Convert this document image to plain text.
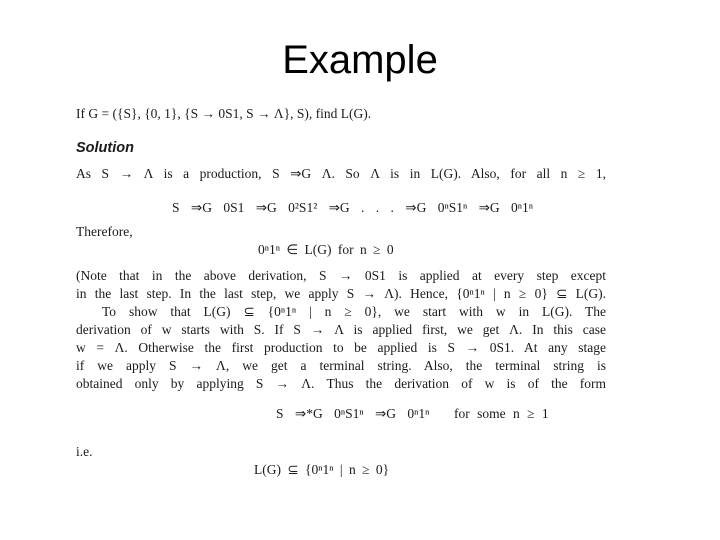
Example
If G = ({S}, {0, 1}, {S → 0S1, S → Λ}, S), find L(G).
Solution
As S → Λ is a production, S ⇒G Λ. So Λ is in L(G). Also, for all n ≥ 1,
S ⇒G 0S1 ⇒G 0²S1² ⇒G . . . ⇒G 0ⁿS1ⁿ ⇒G 0ⁿ1ⁿ
Therefore,
0ⁿ1ⁿ ∈ L(G) for n ≥ 0
(Note that in the above derivation, S → 0S1 is applied at every step except
in the last step. In the last step, we apply S → Λ). Hence, {0ⁿ1ⁿ | n ≥ 0} ⊆ L(G).
To show that L(G) ⊆ {0ⁿ1ⁿ | n ≥ 0}, we start with w in L(G). The
derivation of w starts with S. If S → Λ is applied first, we get Λ. In this case
w = Λ. Otherwise the first production to be applied is S → 0S1. At any stage
if we apply S → Λ, we get a terminal string. Also, the terminal string is
obtained only by applying S → Λ. Thus the derivation of w is of the form
S ⇒*G 0ⁿS1ⁿ ⇒G 0ⁿ1ⁿ for some n ≥ 1
i.e.
L(G) ⊆ {0ⁿ1ⁿ | n ≥ 0}
